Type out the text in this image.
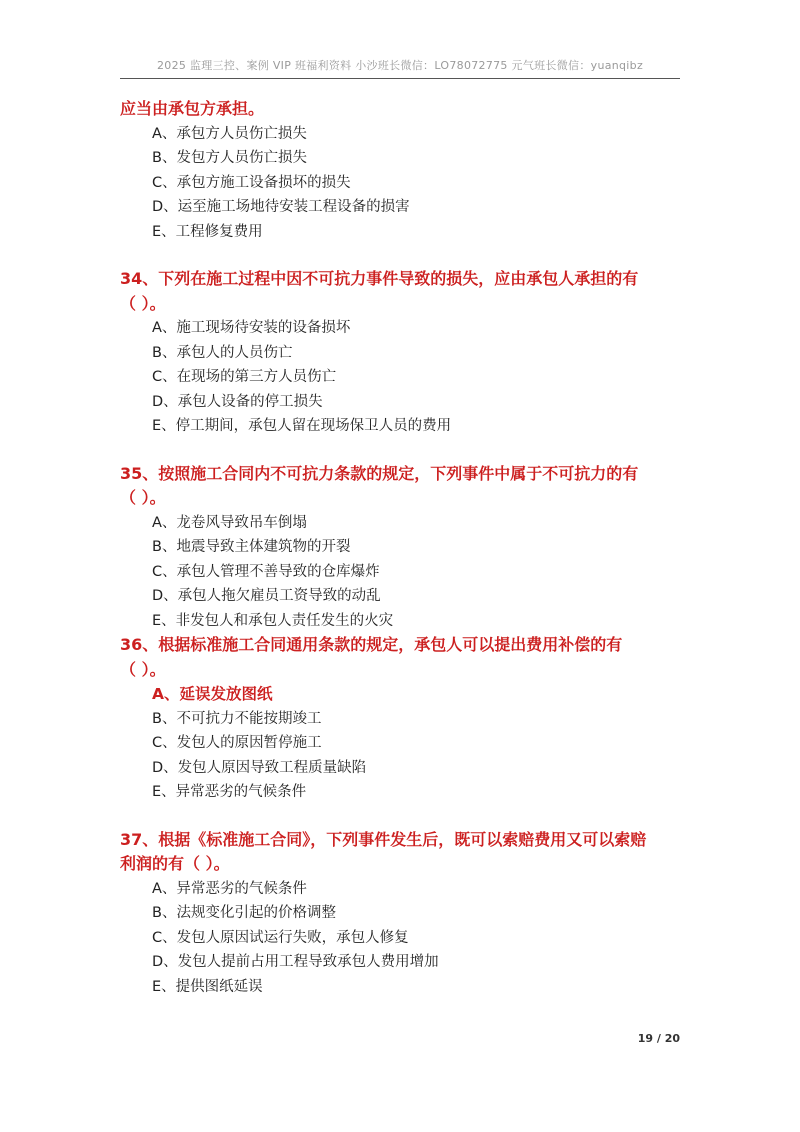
2025 监理三控、案例 VIP 班福利资料 小沙班长微信：LO78072775 元气班长微信：yuanqibz
应当由承包方承担。
A、承包方人员伤亡损失
B、发包方人员伤亡损失
C、承包方施工设备损坏的损失
D、运至施工场地待安装工程设备的损害
E、工程修复费用
34、下列在施工过程中因不可抗力事件导致的损失，应由承包人承担的有
（ ）。
A、施工现场待安装的设备损坏
B、承包人的人员伤亡
C、在现场的第三方人员伤亡
D、承包人设备的停工损失
E、停工期间，承包人留在现场保卫人员的费用
35、按照施工合同内不可抗力条款的规定，下列事件中属于不可抗力的有
（ ）。
A、龙卷风导致吊车倒塌
B、地震导致主体建筑物的开裂
C、承包人管理不善导致的仓库爆炸
D、承包人拖欠雇员工资导致的动乱
E、非发包人和承包人责任发生的火灾
36、根据标准施工合同通用条款的规定，承包人可以提出费用补偿的有
（ ）。
A、延误发放图纸
B、不可抗力不能按期竣工
C、发包人的原因暂停施工
D、发包人原因导致工程质量缺陷
E、异常恶劣的气候条件
37、根据《标准施工合同》，下列事件发生后，既可以索赔费用又可以索赔
利润的有（ ）。
A、异常恶劣的气候条件
B、法规变化引起的价格调整
C、发包人原因试运行失败，承包人修复
D、发包人提前占用工程导致承包人费用增加
E、提供图纸延误
19 / 20
